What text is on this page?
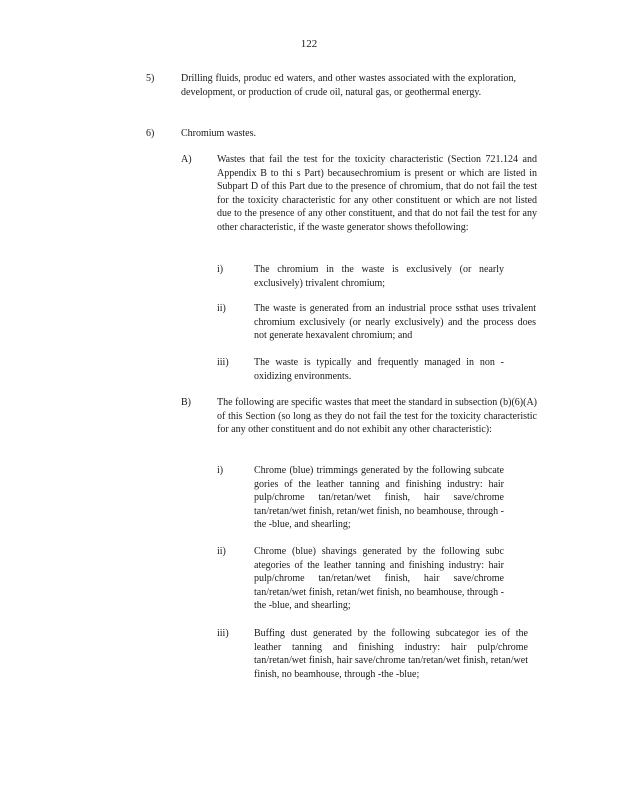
122
5)	Drilling fluids, produc ed waters, and other wastes associated with the exploration, development, or production of crude oil, natural gas, or geothermal energy.
6)	Chromium wastes.
A)	Wastes that fail the test for the toxicity characteristic (Section 721.124 and Appendix B to thi s Part) becausechromium is present or which are listed in Subpart D of this Part due to the presence of chromium, that do not fail the test for the toxicity characteristic for any other constituent or which are not listed due to the presence of any other constituent, and that do not fail the test for any other characteristic, if the waste generator shows thefollowing:
i)	The chromium in the waste is exclusively (or nearly exclusively) trivalent chromium;
ii)	The waste is generated from an industrial proce ssthat uses trivalent chromium exclusively (or nearly exclusively) and the process does not generate hexavalent chromium; and
iii)	The waste is typically and frequently managed in non - oxidizing environments.
B)	The following are specific wastes that meet the standard in subsection (b)(6)(A) of this Section (so long as they do not fail the test for the toxicity characteristic for any other constituent and do not exhibit any other characteristic):
i)	Chrome (blue) trimmings generated by the following subcate gories of the leather tanning and finishing industry: hair pulp/chrome tan/retan/wet finish, hair save/chrome tan/retan/wet finish, retan/wet finish, no beamhouse, through -the -blue, and shearling;
ii)	Chrome (blue) shavings generated by the following subc ategories of the leather tanning and finishing industry: hair pulp/chrome tan/retan/wet finish, hair save/chrome tan/retan/wet finish, retan/wet finish, no beamhouse, through -the -blue, and shearling;
iii)	Buffing dust generated by the following subcategor ies of the leather tanning and finishing industry: hair pulp/chrome tan/retan/wet finish, hair save/chrome tan/retan/wet finish, retan/wet finish, no beamhouse, through -the -blue;
